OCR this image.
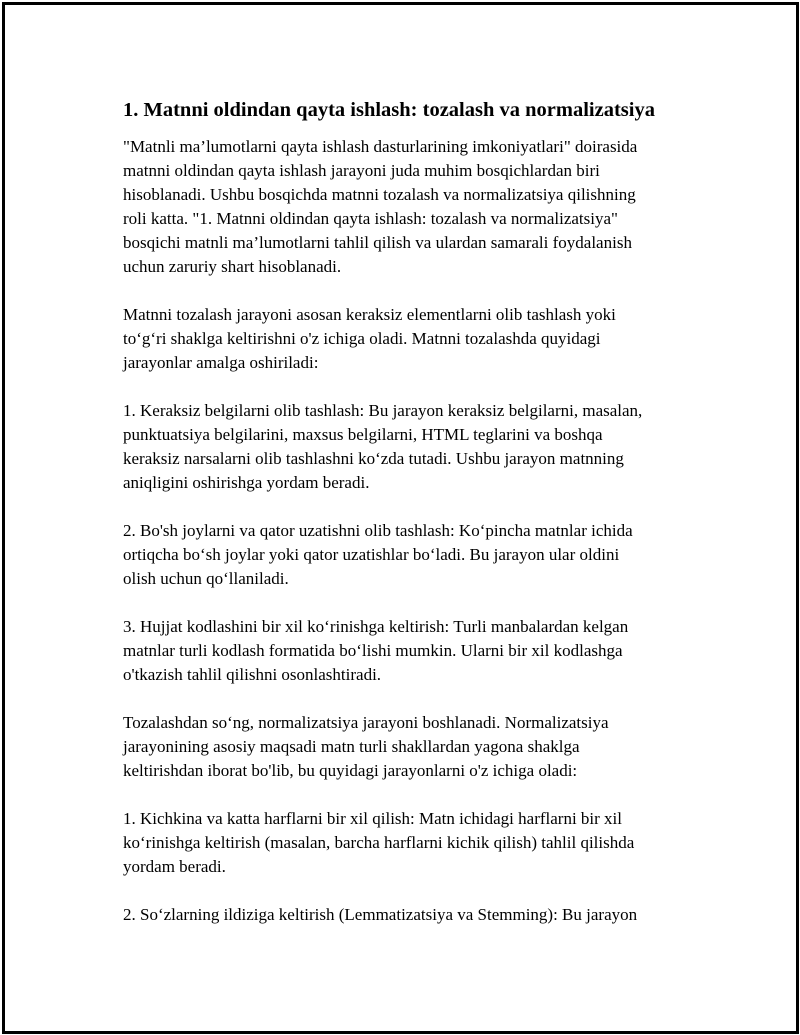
1. Matnni oldindan qayta ishlash: tozalash va normalizatsiya

"Matnli ma’lumotlarni qayta ishlash dasturlarining imkoniyatlari" doirasida
matnni oldindan qayta ishlash jarayoni juda muhim bosqichlardan biri
hisoblanadi. Ushbu bosqichda matnni tozalash va normalizatsiya qilishning
roli katta. "1. Matnni oldindan qayta ishlash: tozalash va normalizatsiya"
bosqichi matnli ma’lumotlarni tahlil qilish va ulardan samarali foydalanish
uchun zaruriy shart hisoblanadi.

Matnni tozalash jarayoni asosan keraksiz elementlarni olib tashlash yoki
to‘g‘ri shaklga keltirishni o'z ichiga oladi. Matnni tozalashda quyidagi
jarayonlar amalga oshiriladi:

1. Keraksiz belgilarni olib tashlash: Bu jarayon keraksiz belgilarni, masalan,
punktuatsiya belgilarini, maxsus belgilarni, HTML teglarini va boshqa
keraksiz narsalarni olib tashlashni ko‘zda tutadi. Ushbu jarayon matnning
aniqligini oshirishga yordam beradi.

2. Bo'sh joylarni va qator uzatishni olib tashlash: Ko‘pincha matnlar ichida
ortiqcha bo‘sh joylar yoki qator uzatishlar bo‘ladi. Bu jarayon ular oldini
olish uchun qo‘llaniladi.

3. Hujjat kodlashini bir xil ko‘rinishga keltirish: Turli manbalardan kelgan
matnlar turli kodlash formatida bo‘lishi mumkin. Ularni bir xil kodlashga
o'tkazish tahlil qilishni osonlashtiradi.

Tozalashdan so‘ng, normalizatsiya jarayoni boshlanadi. Normalizatsiya
jarayonining asosiy maqsadi matn turli shakllardan yagona shaklga
keltirishdan iborat bo'lib, bu quyidagi jarayonlarni o'z ichiga oladi:

1. Kichkina va katta harflarni bir xil qilish: Matn ichidagi harflarni bir xil
ko‘rinishga keltirish (masalan, barcha harflarni kichik qilish) tahlil qilishda
yordam beradi.

2. So‘zlarning ildiziga keltirish (Lemmatizatsiya va Stemming): Bu jarayon
